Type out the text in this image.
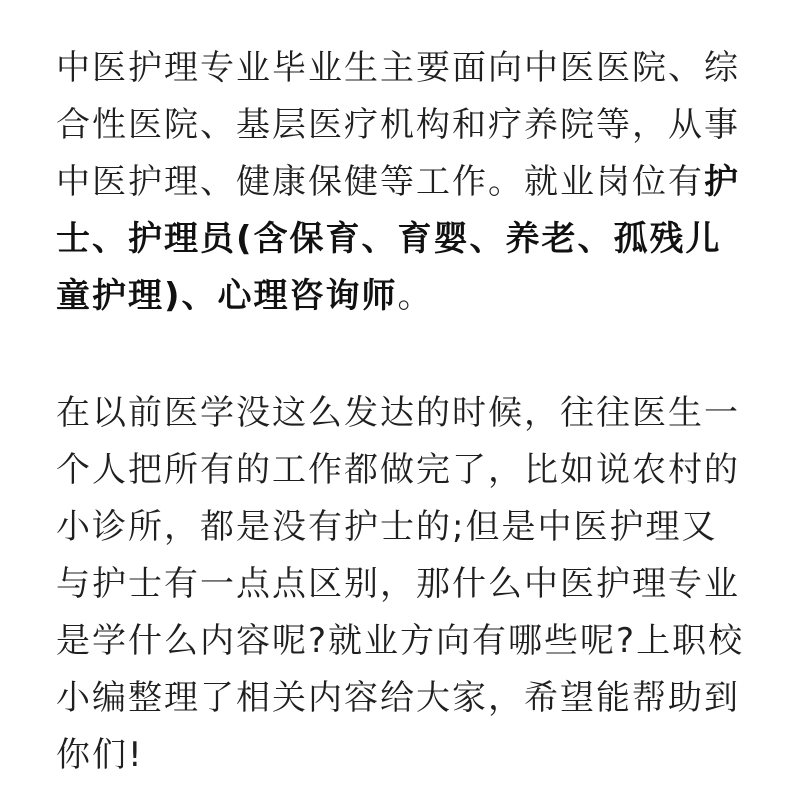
中医护理专业毕业生主要面向中医医院、综
合性医院、基层医疗机构和疗养院等，从事
中医护理、健康保健等工作。就业岗位有护
士、护理员(含保育、育婴、养老、孤残儿
童护理)、心理咨询师。

在以前医学没这么发达的时候，往往医生一
个人把所有的工作都做完了，比如说农村的
小诊所，都是没有护士的;但是中医护理又
与护士有一点点区别，那什么中医护理专业
是学什么内容呢?就业方向有哪些呢?上职校
小编整理了相关内容给大家，希望能帮助到
你们!
